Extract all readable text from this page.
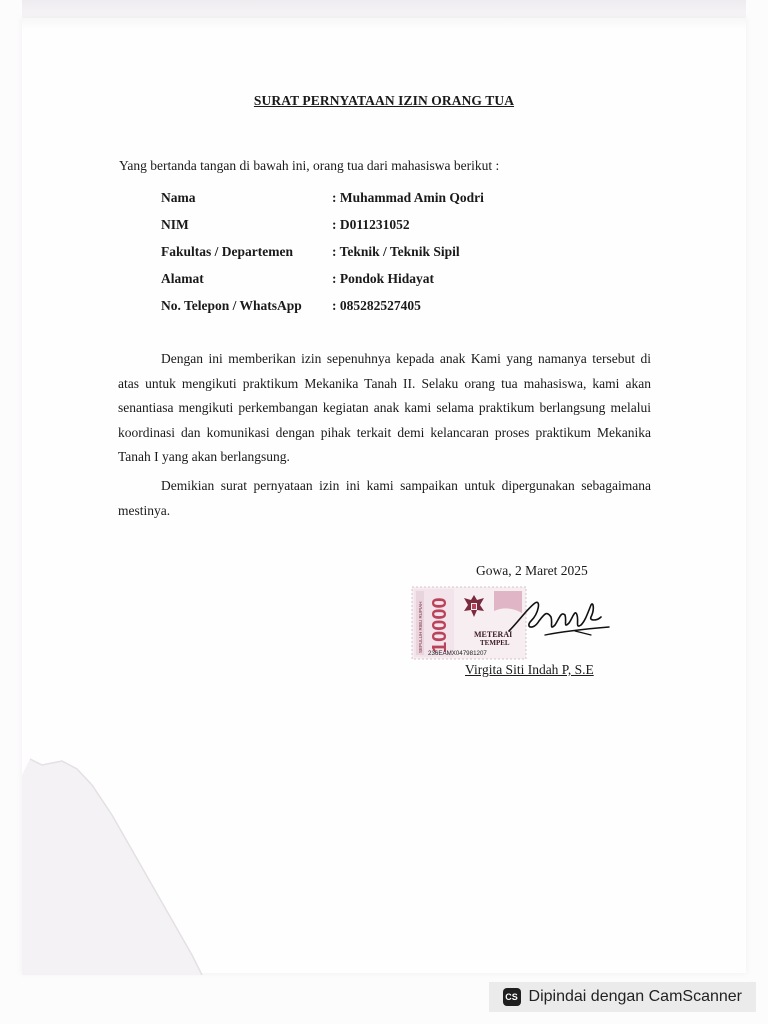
SURAT PERNYATAAN IZIN ORANG TUA
Yang bertanda tangan di bawah ini, orang tua dari mahasiswa berikut :
Nama	: Muhammad Amin Qodri
NIM	: D011231052
Fakultas / Departemen	: Teknik / Teknik Sipil
Alamat	: Pondok Hidayat
No. Telepon / WhatsApp : 085282527405
Dengan ini memberikan izin sepenuhnya kepada anak Kami yang namanya tersebut di atas untuk mengikuti praktikum Mekanika Tanah II. Selaku orang tua mahasiswa, kami akan senantiasa mengikuti perkembangan kegiatan anak kami selama praktikum berlangsung melalui koordinasi dan komunikasi dengan pihak terkait demi kelancaran proses praktikum Mekanika Tanah I yang akan berlangsung.
Demikian surat pernyataan izin ini kami sampaikan untuk dipergunakan sebagaimana mestinya.
Gowa, 2 Maret 2025
SEPULUH RIBU RUPIAH 10000	METERAI
TEMPEL
236EAMX047981207
Virgita Siti Indah P, S.E
CS Dipindai dengan CamScanner
